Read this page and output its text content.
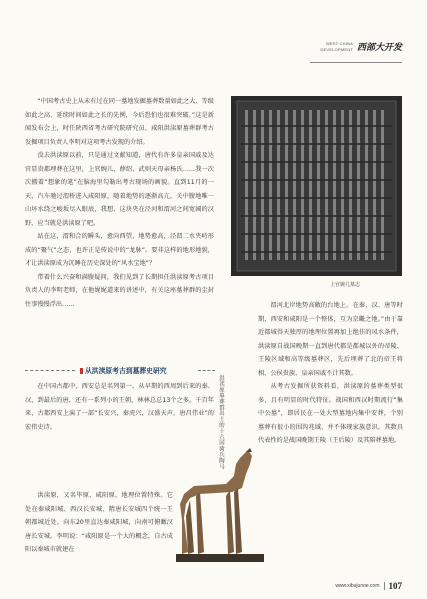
WEST CHINA
DEVELOPMENT 西部大开发

“中国考古史上从未有过在同一墓地发掘墓葬数量如此之大、等级如此之高、延续时间如此之长的先例，今后恐怕也很难突破。”这是新闻发布会上，时任陕西省考古研究院研究员、咸阳洪渎原墓葬群考古发掘项目负责人李明对这项考古发现的介绍。

没去洪渎原以前，只是通过文献知道，唐代有许多皇亲国戚及达官显贵都埋葬在这里，上官婉儿、薛绍、武则天母亲杨氏……我一次次搬着“想象的笔”在脑海里勾勒出考古现场的画貌。直到11月的一天，汽车驰过渭桥进入咸阳原，随着地势的逐渐高亢，关中腹地唯一山坏水绕之峻坂尽入眼底，我想，这块夹在泾河和渭河之间宽阔的汉野，应当就是洪渎原了吧。

站在这，渭和合的瞬头，愈向西望，地势愈高，泾渭二水夹峙形成的“聚气”之态，也许正是传说中的“龙脉”。要非这样的地形地貌，才让洪渎原成为沉睡在历史深处的“风水宝地”？

带着什么兴奋和满腹疑问，我们见到了长期担任洪渎原考古项目负责人的李明老师，在他娓娓道来的讲述中，有关这座墓葬群的尘封往事慢慢浮出……

从洪渎原考古到墓葬史研究

在中国古都中，西安总是名列第一。从早期的西周到后来的秦、汉，到最后的唐，还有一系列小的王朝，林林总总13个之多。千百年来，古都西安上演了一部“长安兴，秦虎兴，汉盛天声，唐昌伟业”的宏伟史诗。

洪渎原，又名毕原、咸阳原，地理位置特殊。它处在秦咸阳城、西汉长安城、隋唐长安城四个统一王朝都城近处。向东20里直达秦咸阳城，向南可俯瞰汉唐长安城。李明说：“咸阳原是一个大的概念，自古成阳以秦城市就建在

上官婉儿墓志

渭河北岸地势高敞的台地上。在秦、汉、唐等时期，西安和咸阳是一个整体，互为京畿之地。”由于靠近都城得天独厚的地理位置再加上绝佳的风水条件，洪渎原自战国晚期一直到唐代都是都城以外的帝陵、王陵区域和高等级墓葬区，先后埋葬了北的帝王将相、公侯贵族、皇亲国戚不计其数。

从考古发掘所获资料看，洪渎原的墓葬类型很多，且有明显的时代特征。战国和西汉时期流行“集中公墓”，即居民在一处大型墓地内集中安葬，个别墓葬有很小的围沟兆域，并不体现家族意识。其数具代表性的是战国晚期王陵（王后陵）及其陪葬墓地。

洪渎原墓葬群出土的十六国骑兵陶马
www.xibujunoe.com 107
